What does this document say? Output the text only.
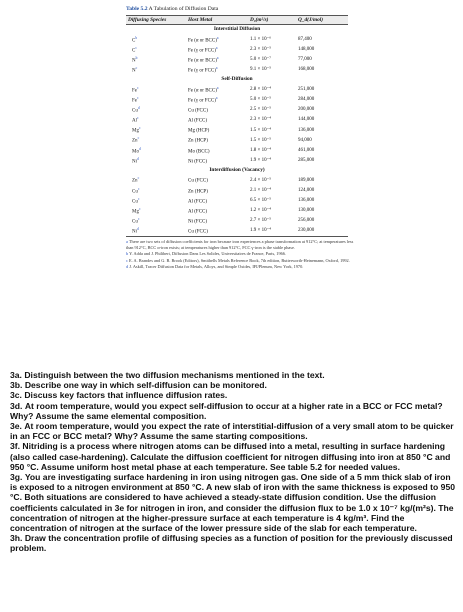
Table 5.2 A Tabulation of Diffusion Data
Diffusing Species	Host Metal	D₀(m²/s)	Q_d(J/mol)
Interstitial Diffusion			
$C^b$	Fe (α or BCC)$^a$	1.1 × 10⁻⁶	87,400
$C^c$	Fe (γ or FCC)$^a$	2.3 × 10⁻⁵	148,000
$N^b$	Fe (α or BCC)$^a$	5.0 × 10⁻⁷	77,000
$N^c$	Fe (γ or FCC)$^a$	9.1 × 10⁻⁵	168,000
Self-Diffusion			
Fe$^c$	Fe (α or BCC)$^a$	2.8 × 10⁻⁴	251,000
Fe$^c$	Fe (γ or FCC)$^a$	5.0 × 10⁻⁵	284,000
Cu$^d$	Cu (FCC)	2.5 × 10⁻⁵	200,000
Al$^c$	Al (FCC)	2.3 × 10⁻⁴	144,000
Mg$^c$	Mg (HCP)	1.5 × 10⁻⁴	136,000
Zn$^c$	Zn (HCP)	1.5 × 10⁻⁵	94,000
Mo$^d$	Mo (BCC)	1.8 × 10⁻⁴	461,000
Ni$^d$	Ni (FCC)	1.9 × 10⁻⁴	285,000
Interdiffusion (Vacancy)			
Zn$^c$	Cu (FCC)	2.4 × 10⁻⁵	189,000
Cu$^c$	Zn (HCP)	2.1 × 10⁻⁴	124,000
Cu$^c$	Al (FCC)	6.5 × 10⁻⁵	136,000
Mg$^c$	Al (FCC)	1.2 × 10⁻⁴	130,000
Cu$^c$	Ni (FCC)	2.7 × 10⁻⁵	256,000
Ni$^d$	Cu (FCC)	1.9 × 10⁻⁴	230,000

a There are two sets of diffusion coefficients for iron because iron experiences a phase transformation at 912°C; at temperatures less than 912°C, BCC α-iron exists; at temperatures higher than 912°C, FCC γ-iron is the stable phase.

b Y. Adda and J. Philibert, Diffusion Dans Les Solides, Universitaires de France, Paris, 1966.

c E. A. Brandes and G. B. Brook (Editors), Smithells Metals Reference Book, 7th edition, Butterworth-Heinemann, Oxford, 1992.

d J. Askill, Tracer Diffusion Data for Metals, Alloys, and Simple Oxides, IFI/Plenum, New York, 1970.

3a. Distinguish between the two diffusion mechanisms mentioned in the text.

3b. Describe one way in which self-diffusion can be monitored.

3c. Discuss key factors that influence diffusion rates.

3d. At room temperature, would you expect self-diffusion to occur at a higher rate in a BCC or FCC metal? Why? Assume the same elemental composition.

3e. At room temperature, would you expect the rate of interstitial-diffusion of a very small atom to be quicker in an FCC or BCC metal? Why? Assume the same starting compositions.

3f. Nitriding is a process where nitrogen atoms can be diffused into a metal, resulting in surface hardening (also called case-hardening). Calculate the diffusion coefficient for nitrogen diffusing into iron at 850 °C and 950 °C. Assume uniform host metal phase at each temperature. See table 5.2 for needed values.

3g. You are investigating surface hardening in iron using nitrogen gas. One side of a 5 mm thick slab of iron is exposed to a nitrogen environment at 850 °C. A new slab of iron with the same thickness is exposed to 950 °C. Both situations are considered to have achieved a steady-state diffusion condition. Use the diffusion coefficients calculated in 3e for nitrogen in iron, and consider the diffusion flux to be 1.0 x 10⁻⁷ kg/(m²s). The concentration of nitrogen at the higher-pressure surface at each temperature is 4 kg/m³. Find the concentration of nitrogen at the surface of the lower pressure side of the slab for each temperature.

3h. Draw the concentration profile of diffusing species as a function of position for the previously discussed problem.
